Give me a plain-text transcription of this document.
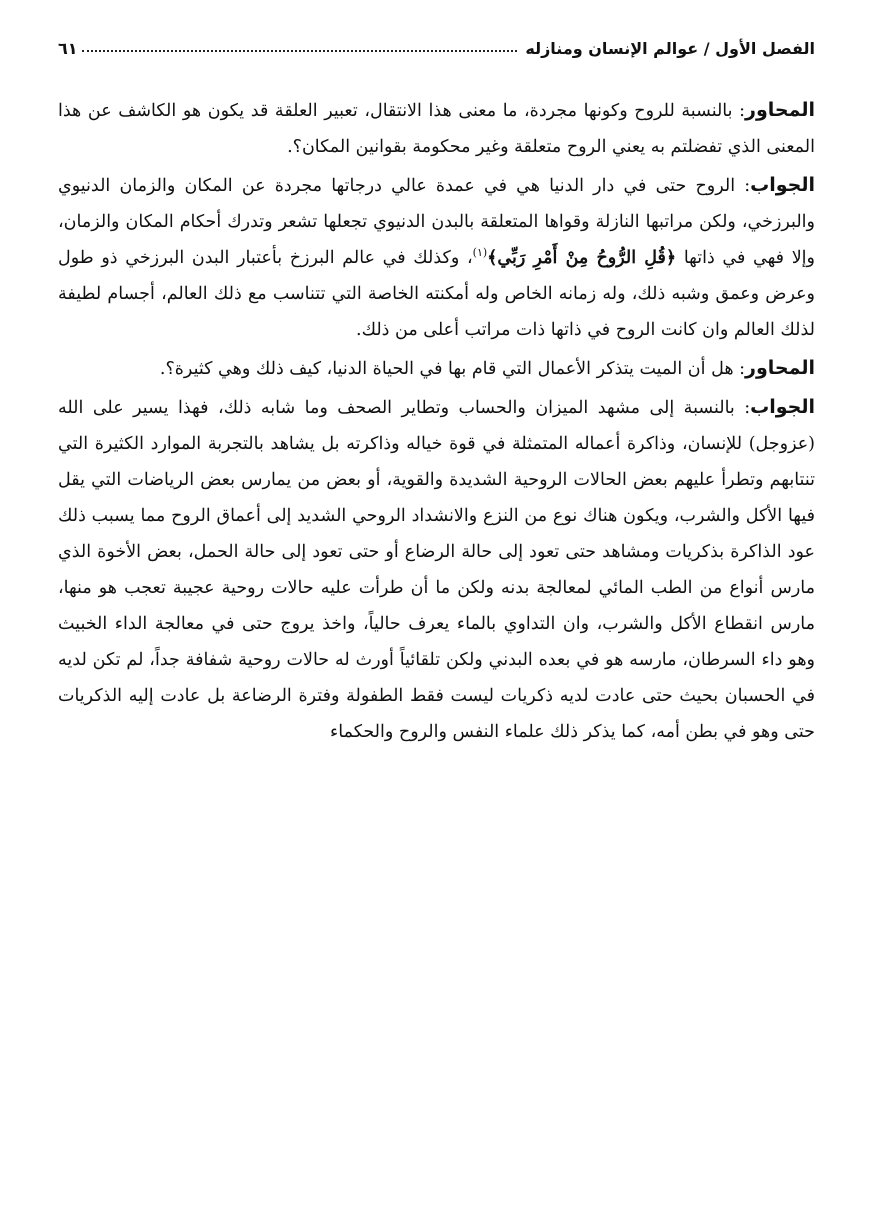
٦١	الفصل الأول / عوالم الإنسان ومنازله

المحاور: بالنسبة للروح وكونها مجردة، ما معنى هذا الانتقال، تعبير العلقة قد يكون هو الكاشف عن هذا المعنى الذي تفضلتم به يعني الروح متعلقة وغير محكومة بقوانين المكان؟.

الجواب: الروح حتى في دار الدنيا هي في عمدة عالي درجاتها مجردة عن المكان والزمان الدنيوي والبرزخي، ولكن مراتبها النازلة وقواها المتعلقة بالبدن الدنيوي تجعلها تشعر وتدرك أحكام المكان والزمان، وإلا فهي في ذاتها ﴿قُلِ الرُّوحُ مِنْ أَمْرِ رَبِّي﴾$^{(١)}$، وكذلك في عالم البرزخ بأعتبار البدن البرزخي ذو طول وعرض وعمق وشبه ذلك، وله زمانه الخاص وله أمكنته الخاصة التي تتناسب مع ذلك العالم، أجسام لطيفة لذلك العالم وان كانت الروح في ذاتها ذات مراتب أعلى من ذلك.

المحاور: هل أن الميت يتذكر الأعمال التي قام بها في الحياة الدنيا، كيف ذلك وهي كثيرة؟.

الجواب: بالنسبة إلى مشهد الميزان والحساب وتطاير الصحف وما شابه ذلك، فهذا يسير على الله (عزوجل) للإنسان، وذاكرة أعماله المتمثلة في قوة خياله وذاكرته بل يشاهد بالتجربة الموارد الكثيرة التي تنتابهم وتطرأ عليهم بعض الحالات الروحية الشديدة والقوية، أو بعض من يمارس بعض الرياضات التي يقل فيها الأكل والشرب، ويكون هناك نوع من النزع والانشداد الروحي الشديد إلى أعماق الروح مما يسبب ذلك عود الذاكرة بذكريات ومشاهد حتى تعود إلى حالة الرضاع أو حتى تعود إلى حالة الحمل، بعض الأخوة الذي مارس أنواع من الطب المائي لمعالجة بدنه ولكن ما أن طرأت عليه حالات روحية عجيبة تعجب هو منها، مارس انقطاع الأكل والشرب، وان التداوي بالماء يعرف حالياً، واخذ يروج حتى في معالجة الداء الخبيث وهو داء السرطان، مارسه هو في بعده البدني ولكن تلقائياً أورث له حالات روحية شفافة جداً، لم تكن لديه في الحسبان بحيث حتى عادت لديه ذكريات ليست فقط الطفولة وفترة الرضاعة بل عادت إليه الذكريات حتى وهو في بطن أمه، كما يذكر ذلك علماء النفس والروح والحكماء
